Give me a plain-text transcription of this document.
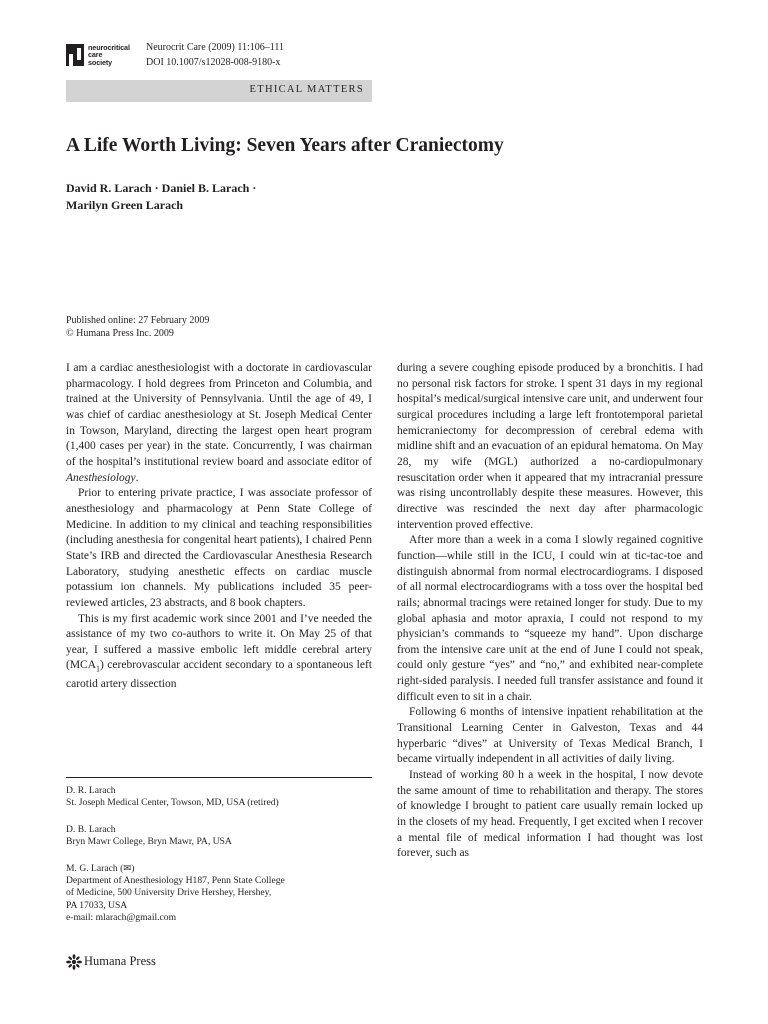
neurocritical
care
society
Neurocrit Care (2009) 11:106–111
DOI 10.1007/s12028-008-9180-x
ETHICAL MATTERS
A Life Worth Living: Seven Years after Craniectomy
David R. Larach · Daniel B. Larach ·
Marilyn Green Larach
Published online: 27 February 2009
© Humana Press Inc. 2009

I am a cardiac anesthesiologist with a doctorate in cardiovascular pharmacology. I hold degrees from Princeton and Columbia, and trained at the University of Pennsylvania. Until the age of 49, I was chief of cardiac anesthesiology at St. Joseph Medical Center in Towson, Maryland, directing the largest open heart program (1,400 cases per year) in the state. Concurrently, I was chairman of the hospital’s institutional review board and associate editor of Anesthesiology.

Prior to entering private practice, I was associate professor of anesthesiology and pharmacology at Penn State College of Medicine. In addition to my clinical and teaching responsibilities (including anesthesia for congenital heart patients), I chaired Penn State’s IRB and directed the Cardiovascular Anesthesia Research Laboratory, studying anesthetic effects on cardiac muscle potassium ion channels. My publications included 35 peer-reviewed articles, 23 abstracts, and 8 book chapters.

This is my first academic work since 2001 and I’ve needed the assistance of my two co-authors to write it. On May 25 of that year, I suffered a massive embolic left middle cerebral artery $(MCA_1)$ cerebrovascular accident secondary to a spontaneous left carotid artery dissection

D. R. Larach
St. Joseph Medical Center, Towson, MD, USA (retired)
D. B. Larach
Bryn Mawr College, Bryn Mawr, PA, USA
M. G. Larach (✉)
Department of Anesthesiology H187, Penn State College
of Medicine, 500 University Drive Hershey, Hershey,
PA 17033, USA
e-mail: mlarach@gmail.com

during a severe coughing episode produced by a bronchitis. I had no personal risk factors for stroke. I spent 31 days in my regional hospital’s medical/surgical intensive care unit, and underwent four surgical procedures including a large left frontotemporal parietal hemicraniectomy for decompression of cerebral edema with midline shift and an evacuation of an epidural hematoma. On May 28, my wife (MGL) authorized a no-cardiopulmonary resuscitation order when it appeared that my intracranial pressure was rising uncontrollably despite these measures. However, this directive was rescinded the next day after pharmacologic intervention proved effective.

After more than a week in a coma I slowly regained cognitive function—while still in the ICU, I could win at tic-tac-toe and distinguish abnormal from normal electrocardiograms. I disposed of all normal electrocardiograms with a toss over the hospital bed rails; abnormal tracings were retained longer for study. Due to my global aphasia and motor apraxia, I could not respond to my physician’s commands to “squeeze my hand”. Upon discharge from the intensive care unit at the end of June I could not speak, could only gesture “yes” and “no,” and exhibited near-complete right-sided paralysis. I needed full transfer assistance and found it difficult even to sit in a chair.

Following 6 months of intensive inpatient rehabilitation at the Transitional Learning Center in Galveston, Texas and 44 hyperbaric “dives” at University of Texas Medical Branch, I became virtually independent in all activities of daily living.

Instead of working 80 h a week in the hospital, I now devote the same amount of time to rehabilitation and therapy. The stores of knowledge I brought to patient care usually remain locked up in the closets of my head. Frequently, I get excited when I recover a mental file of medical information I had thought was lost forever, such as

Humana Press
